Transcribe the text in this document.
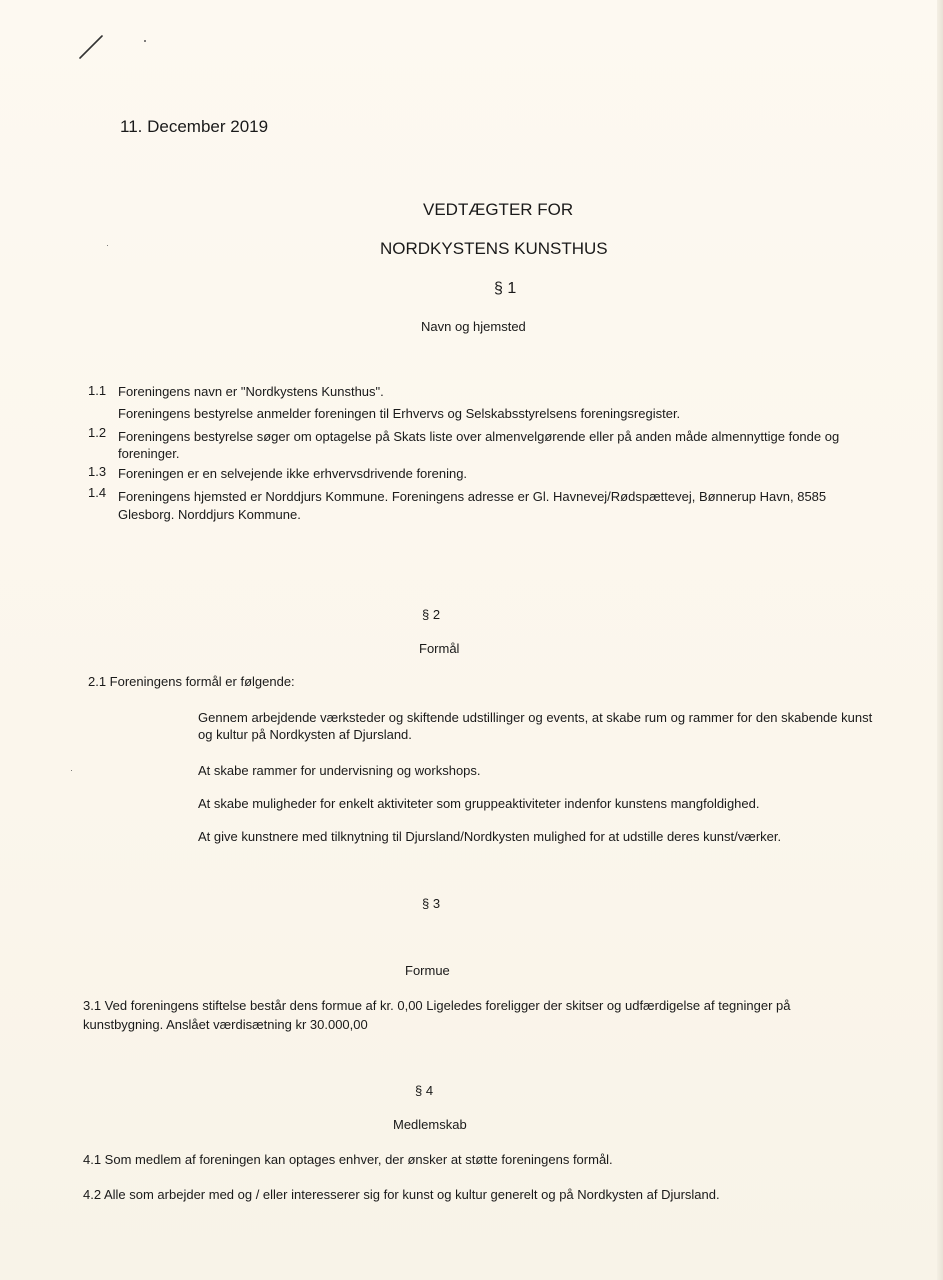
11. December 2019
VEDTÆGTER FOR
NORDKYSTENS KUNSTHUS
§ 1
Navn og hjemsted
1.1 Foreningens navn er "Nordkystens Kunsthus".
Foreningens bestyrelse anmelder foreningen til Erhvervs og Selskabsstyrelsens foreningsregister.
1.2 Foreningens bestyrelse søger om optagelse på Skats liste over almenvelgørende eller på anden måde almennyttige fonde og
foreninger.
1.3 Foreningen er en selvejende ikke erhvervsdrivende forening.
1.4 Foreningens hjemsted er Norddjurs Kommune. Foreningens adresse er Gl. Havnevej/Rødspættevej, Bønnerup Havn, 8585
Glesborg. Norddjurs Kommune.
§ 2
Formål
2.1 Foreningens formål er følgende:
Gennem arbejdende værksteder og skiftende udstillinger og events, at skabe rum og rammer for den skabende kunst
og kultur på Nordkysten af Djursland.
At skabe rammer for undervisning og workshops.
At skabe muligheder for enkelt aktiviteter som gruppeaktiviteter indenfor kunstens mangfoldighed.
At give kunstnere med tilknytning til Djursland/Nordkysten mulighed for at udstille deres kunst/værker.
§ 3
Formue
3.1 Ved foreningens stiftelse består dens formue af kr. 0,00 Ligeledes foreligger der skitser og udfærdigelse af tegninger på
kunstbygning. Anslået værdisætning kr 30.000,00
§ 4
Medlemskab
4.1 Som medlem af foreningen kan optages enhver, der ønsker at støtte foreningens formål.
4.2 Alle som arbejder med og / eller interesserer sig for kunst og kultur generelt og på Nordkysten af Djursland.
